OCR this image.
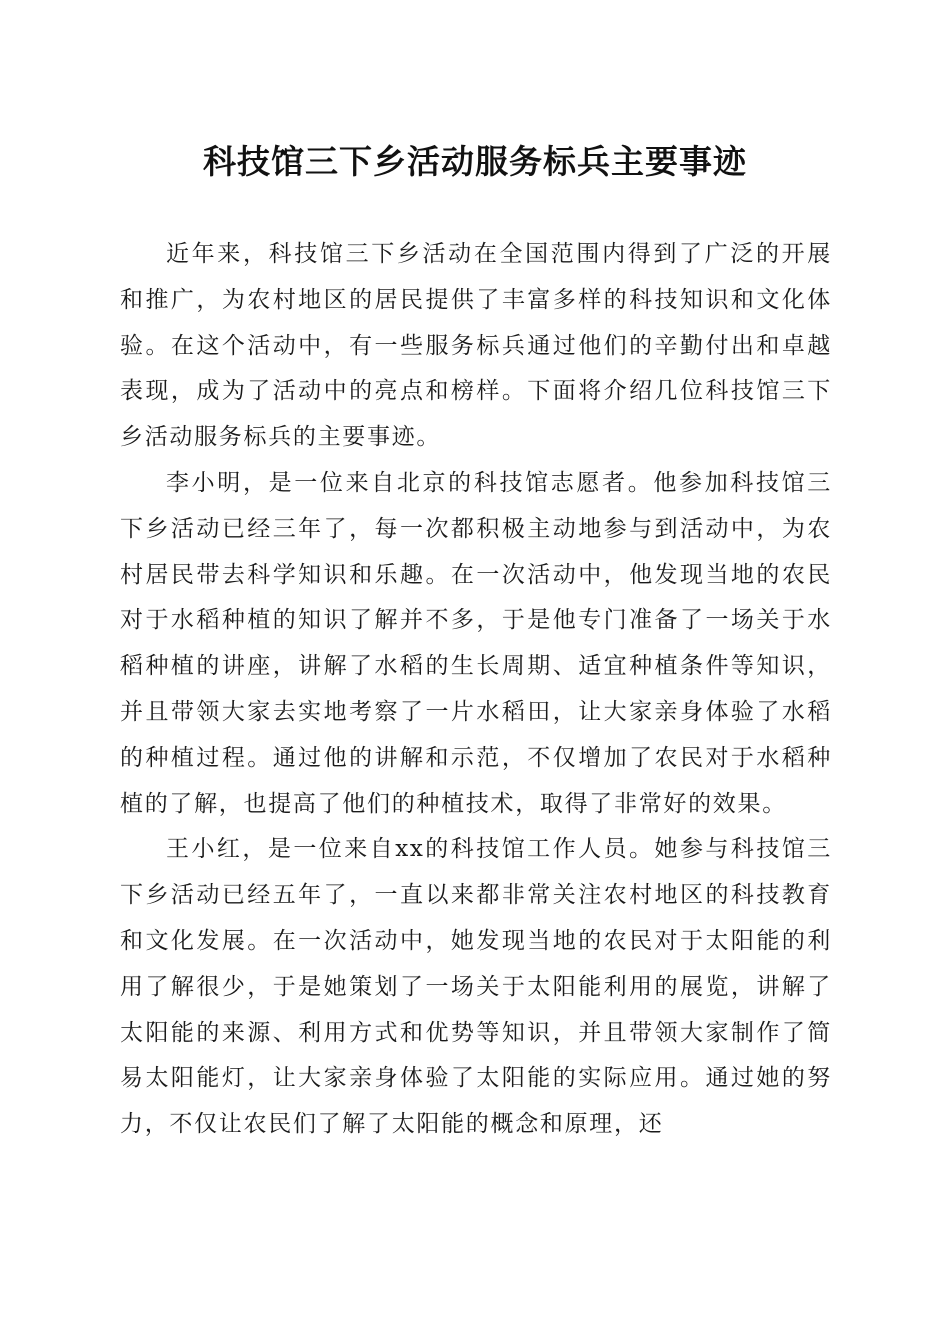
科技馆三下乡活动服务标兵主要事迹

近年来，科技馆三下乡活动在全国范围内得到了广泛的开展和推广，为农村地区的居民提供了丰富多样的科技知识和文化体验。在这个活动中，有一些服务标兵通过他们的辛勤付出和卓越表现，成为了活动中的亮点和榜样。下面将介绍几位科技馆三下乡活动服务标兵的主要事迹。

李小明，是一位来自北京的科技馆志愿者。他参加科技馆三下乡活动已经三年了，每一次都积极主动地参与到活动中，为农村居民带去科学知识和乐趣。在一次活动中，他发现当地的农民对于水稻种植的知识了解并不多，于是他专门准备了一场关于水稻种植的讲座，讲解了水稻的生长周期、适宜种植条件等知识，并且带领大家去实地考察了一片水稻田，让大家亲身体验了水稻的种植过程。通过他的讲解和示范，不仅增加了农民对于水稻种植的了解，也提高了他们的种植技术，取得了非常好的效果。

王小红，是一位来自xx的科技馆工作人员。她参与科技馆三下乡活动已经五年了，一直以来都非常关注农村地区的科技教育和文化发展。在一次活动中，她发现当地的农民对于太阳能的利用了解很少，于是她策划了一场关于太阳能利用的展览，讲解了太阳能的来源、利用方式和优势等知识，并且带领大家制作了简易太阳能灯，让大家亲身体验了太阳能的实际应用。通过她的努力，不仅让农民们了解了太阳能的概念和原理，还
